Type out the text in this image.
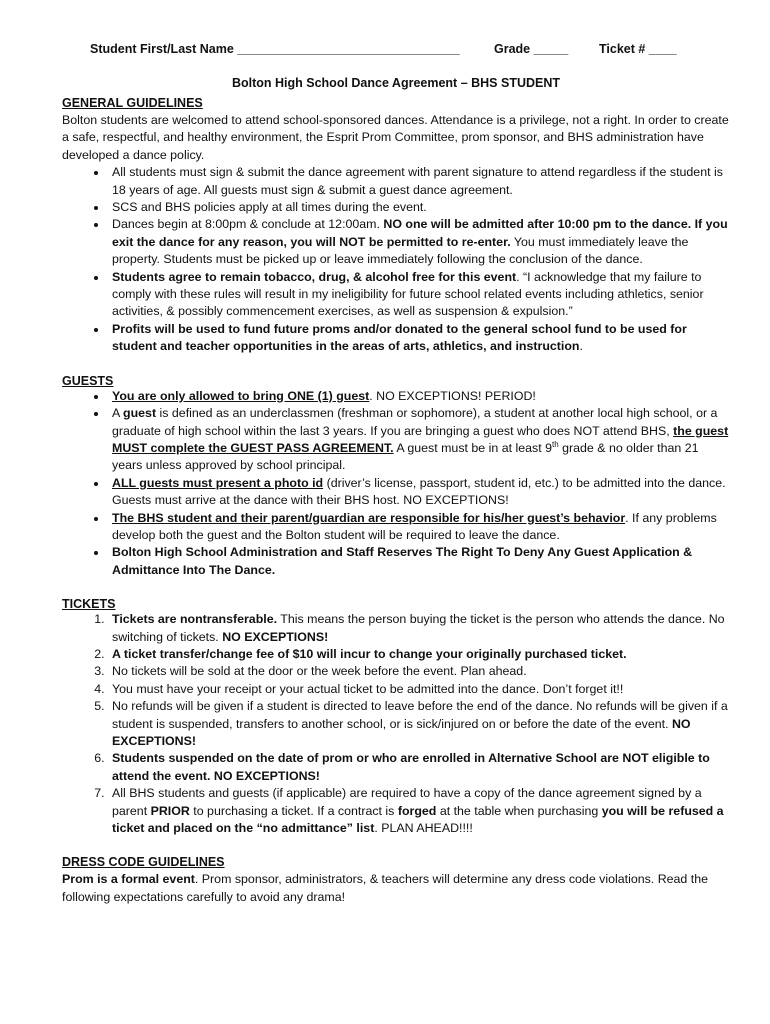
Student First/Last Name ________________________________	Grade _____	Ticket # ____
Bolton High School Dance Agreement – BHS STUDENT
GENERAL GUIDELINES

Bolton students are welcomed to attend school-sponsored dances. Attendance is a privilege, not a right. In order to create a safe, respectful, and healthy environment, the Esprit Prom Committee, prom sponsor, and BHS administration have developed a dance policy.

• All students must sign & submit the dance agreement with parent signature to attend regardless if the student is 18 years of age. All guests must sign & submit a guest dance agreement.
• SCS and BHS policies apply at all times during the event.
• Dances begin at 8:00pm & conclude at 12:00am. NO one will be admitted after 10:00 pm to the dance. If you exit the dance for any reason, you will NOT be permitted to re-enter. You must immediately leave the property. Students must be picked up or leave immediately following the conclusion of the dance.
• Students agree to remain tobacco, drug, & alcohol free for this event. “I acknowledge that my failure to comply with these rules will result in my ineligibility for future school related events including athletics, senior activities, & possibly commencement exercises, as well as suspension & expulsion.”
• Profits will be used to fund future proms and/or donated to the general school fund to be used for student and teacher opportunities in the areas of arts, athletics, and instruction.
GUESTS
• You are only allowed to bring ONE (1) guest. NO EXCEPTIONS! PERIOD!
• A guest is defined as an underclassmen (freshman or sophomore), a student at another local high school, or a graduate of high school within the last 3 years. If you are bringing a guest who does NOT attend BHS, the guest MUST complete the GUEST PASS AGREEMENT. A guest must be in at least 9th grade & no older than 21 years unless approved by school principal.
• ALL guests must present a photo id (driver’s license, passport, student id, etc.) to be admitted into the dance. Guests must arrive at the dance with their BHS host. NO EXCEPTIONS!
• The BHS student and their parent/guardian are responsible for his/her guest’s behavior. If any problems develop both the guest and the Bolton student will be required to leave the dance.
• Bolton High School Administration and Staff Reserves The Right To Deny Any Guest Application & Admittance Into The Dance.
TICKETS
1. Tickets are nontransferable. This means the person buying the ticket is the person who attends the dance. No switching of tickets. NO EXCEPTIONS!
2. A ticket transfer/change fee of $10 will incur to change your originally purchased ticket.
3. No tickets will be sold at the door or the week before the event. Plan ahead.
4. You must have your receipt or your actual ticket to be admitted into the dance. Don’t forget it!!
5. No refunds will be given if a student is directed to leave before the end of the dance. No refunds will be given if a student is suspended, transfers to another school, or is sick/injured on or before the date of the event. NO EXCEPTIONS!
6. Students suspended on the date of prom or who are enrolled in Alternative School are NOT eligible to attend the event. NO EXCEPTIONS!
7. All BHS students and guests (if applicable) are required to have a copy of the dance agreement signed by a parent PRIOR to purchasing a ticket. If a contract is forged at the table when purchasing you will be refused a ticket and placed on the “no admittance” list. PLAN AHEAD!!!!
DRESS CODE GUIDELINES

Prom is a formal event. Prom sponsor, administrators, & teachers will determine any dress code violations. Read the following expectations carefully to avoid any drama!
